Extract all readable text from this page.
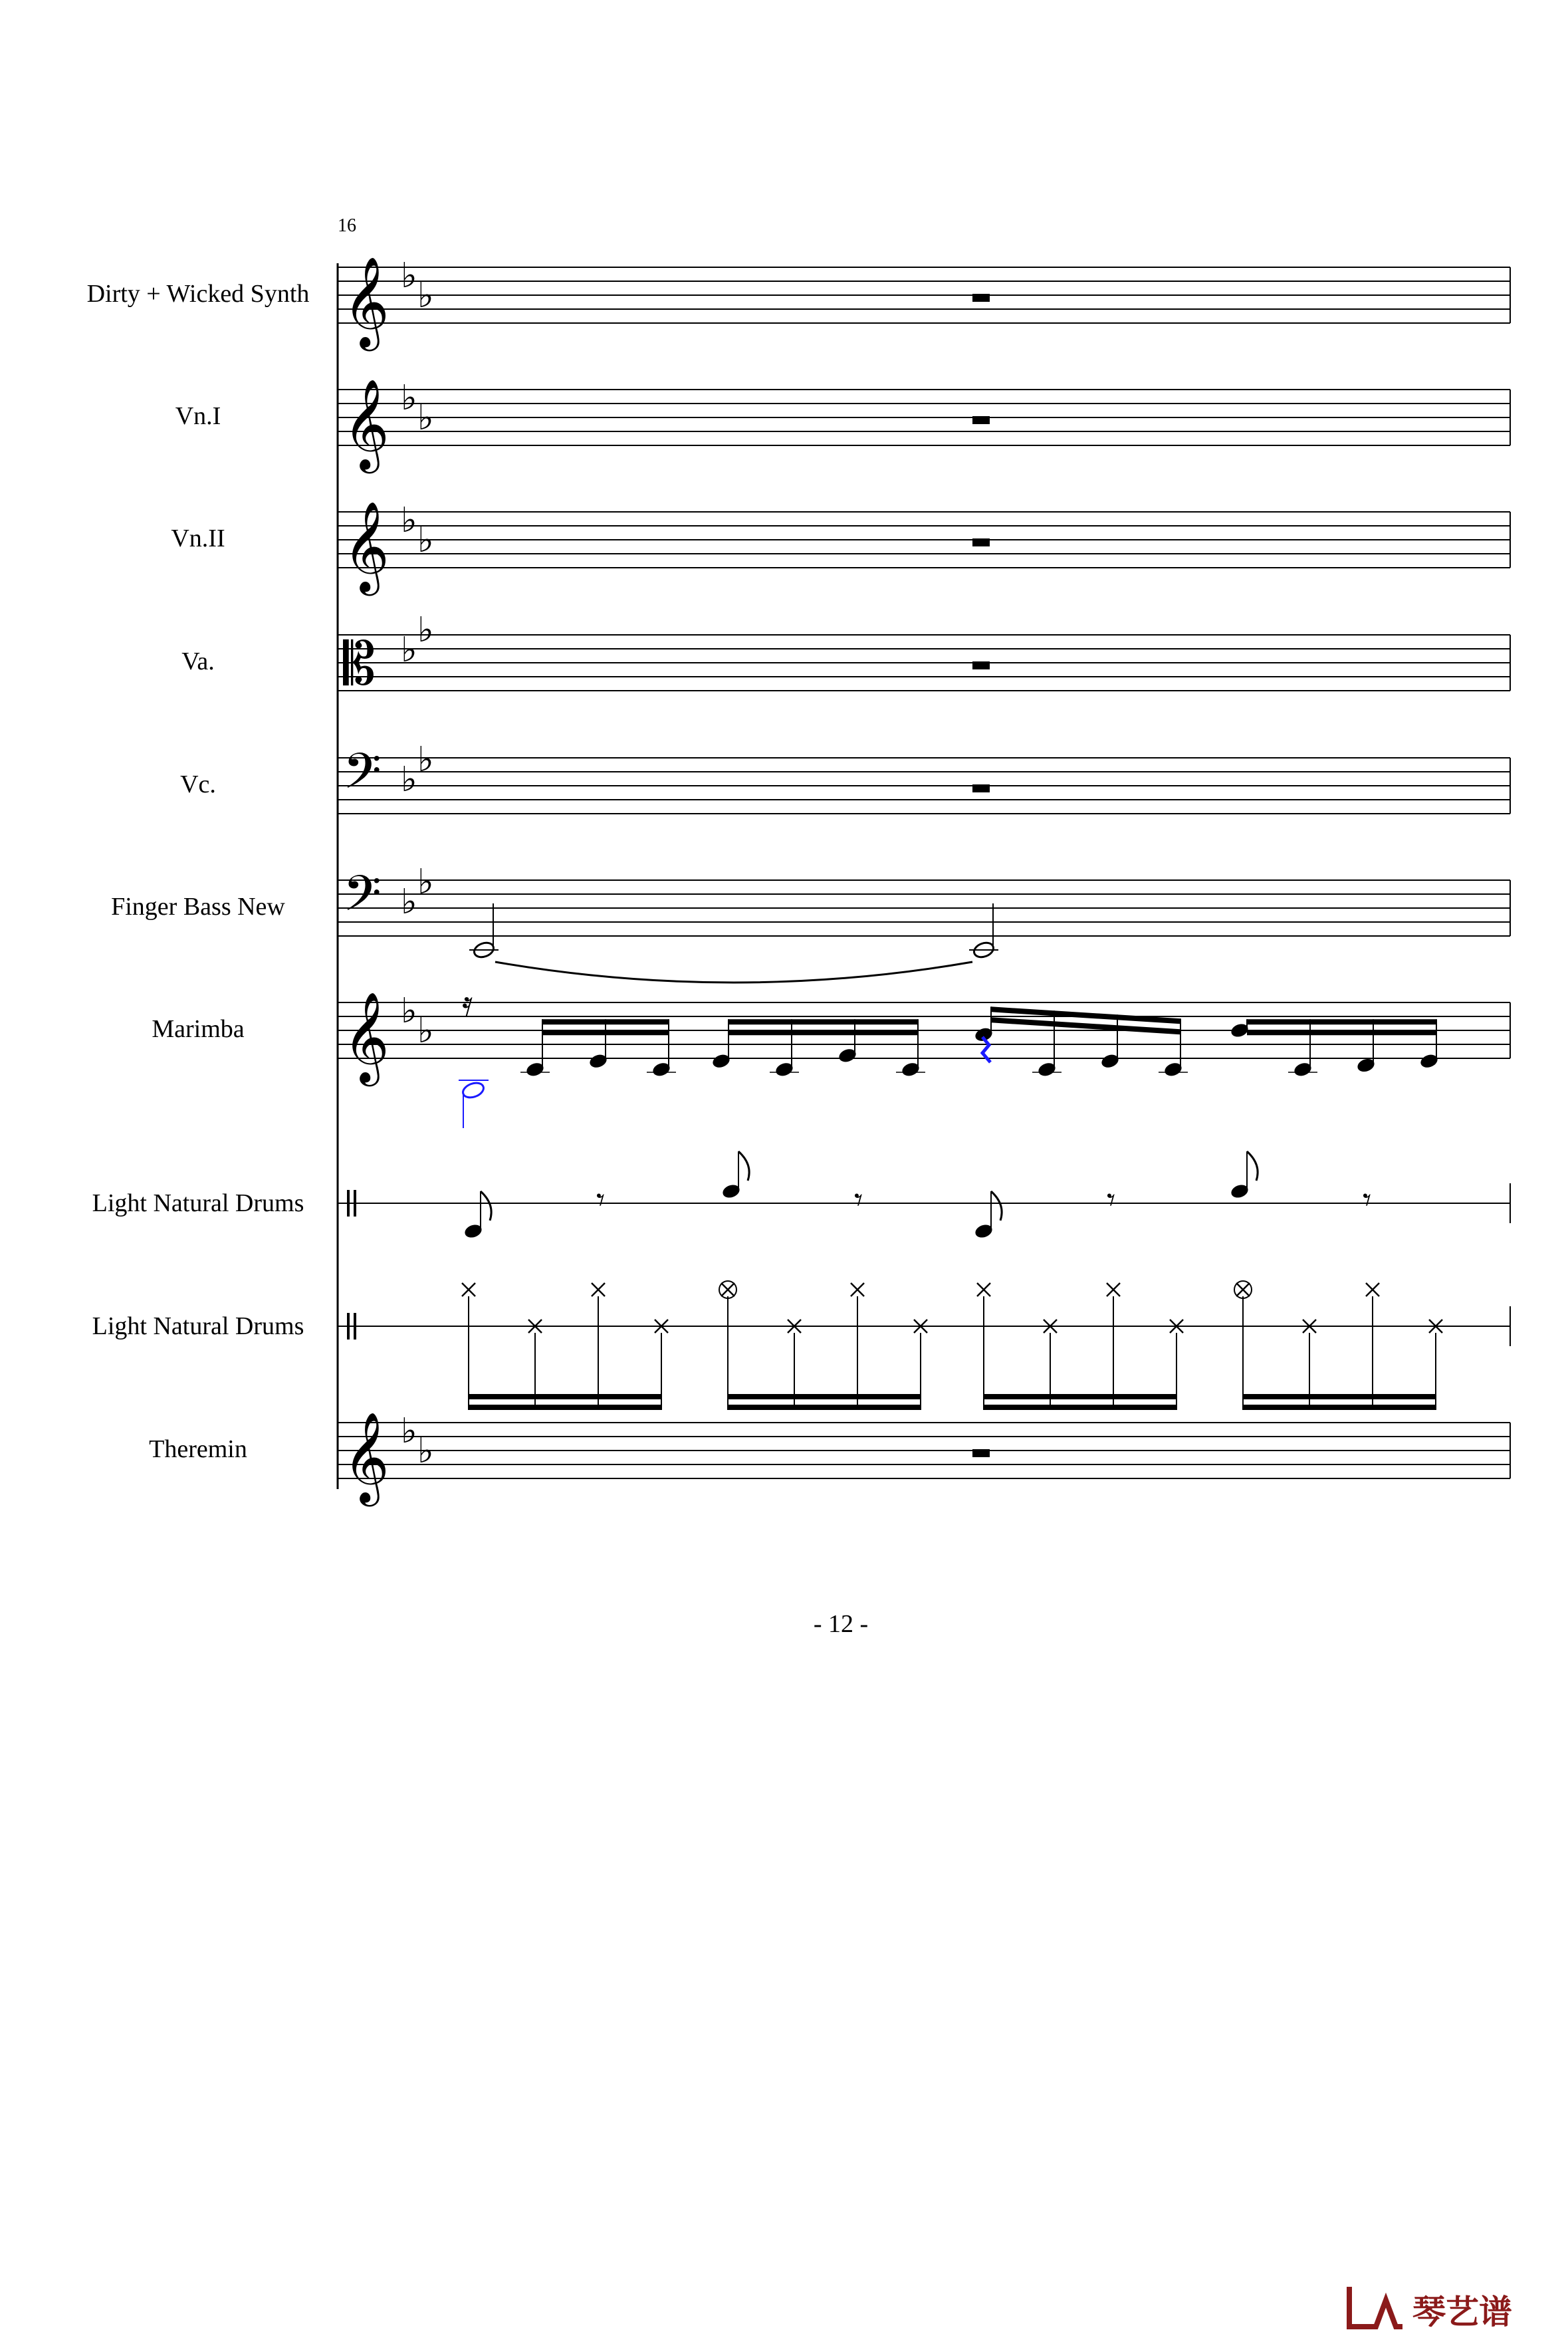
16
Dirty + Wicked Synth 𝄞 ♭ ♭
Vn.I 𝄞 ♭ ♭
Vn.II 𝄞 ♭ ♭
Va. 𝄡 ♭ ♭
Vc. 𝄢 ♭ ♭
Finger Bass New 𝄢 ♭ ♭
Marimba 𝄞 ♭ ♭
𝄿
Light Natural Drums	𝄾	𝄾	𝄾	𝄾
Light Natural Drums
Theremin 𝄞 ♭ ♭
- 12 -
琴艺谱
